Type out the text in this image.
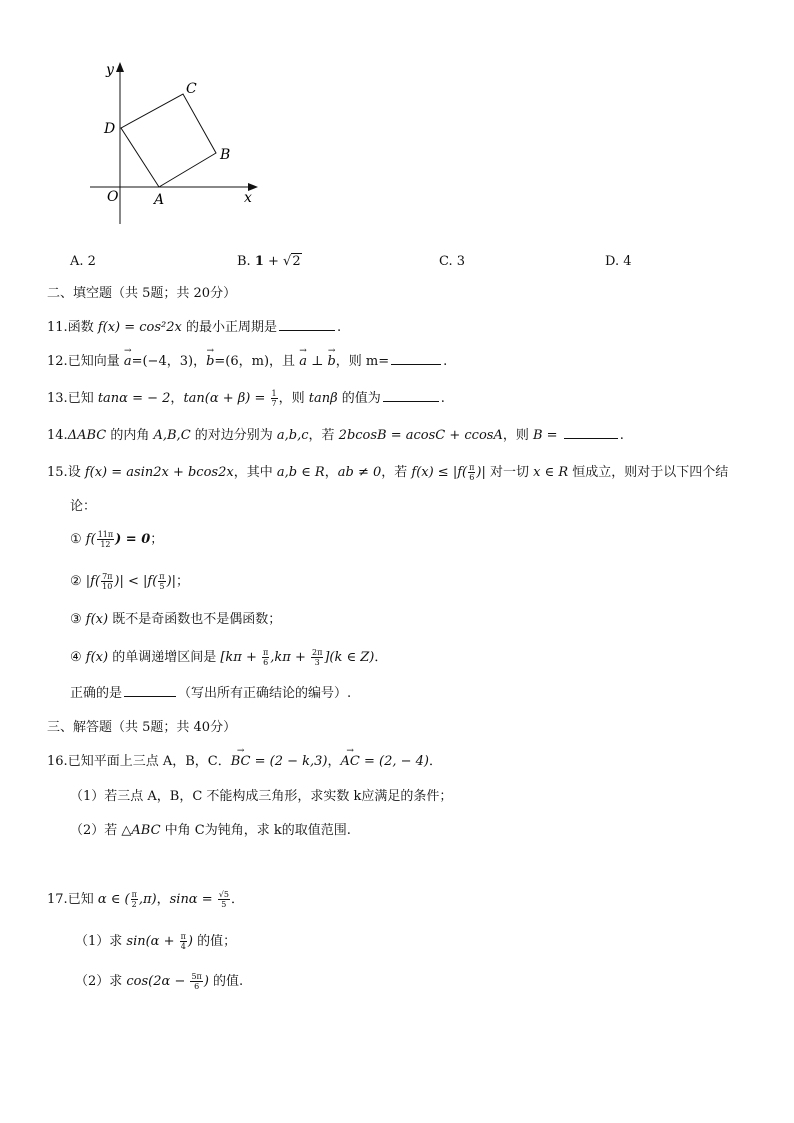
y
x
O	A
B
C
D
A. 2	B. 1 + √2	C. 3	D. 4
二、填空题（共 5题；共 20分）
11.函数 f(x) = cos²2x 的最小正周期是	.
12.已知向量 → a=(−4，3)，→ b=(6，m)，且 → a ⊥ → b，则 m=	.
13.已知 tanα = − 2，$\tan(\alpha + \beta) = \frac{1}{7}$ ，则 tanβ 的值为	.
14.ΔABC 的内角 A,B,C 的对边分别为 a,b,c，若 2bcosB = acosC + ccosA，则 B =	.
15.设 f(x) = asin2x + bcos2x，其中 a,b ∈ R，ab ≠ 0，若 $f(x) \le |f( \frac{\pi}{6}$ )| 对一切 x ∈ R 恒成立，则对于以下四个结
论：
① $f( \frac{11\pi}{12}$ ) = 0；
② $|f( \frac{7\pi}{10}$ )| < $|f( \frac{\pi}{5}$ )|；
③ f(x) 既不是奇函数也不是偶函数；
④ f(x) 的单调递增区间是 $[k\pi + \frac{\pi}{6} ,k\pi + \frac{2\pi}{3} ](k$ ∈ Z)．
正确的是	（写出所有正确结论的编号）.
三、解答题（共 5题；共 40分）
16.已知平面上三点 A，B，C．→ BC = (2 − k,3)，→ AC = (2, − 4)．
（1）若三点 A，B，C 不能构成三角形，求实数 k应满足的条件；
（2）若 △ABC 中角 C为钝角，求 k的取值范围.
17.已知 α ∈ ( $\frac{\pi}{2} ,\pi$)，$\sin\alpha = \frac{√5}{5}$ ．
（1）求 $\sin(\alpha + \frac{\pi}{4}$ ) 的值；
（2）求 $\cos(2\alpha - \frac{5\pi}{6}$ ) 的值.
